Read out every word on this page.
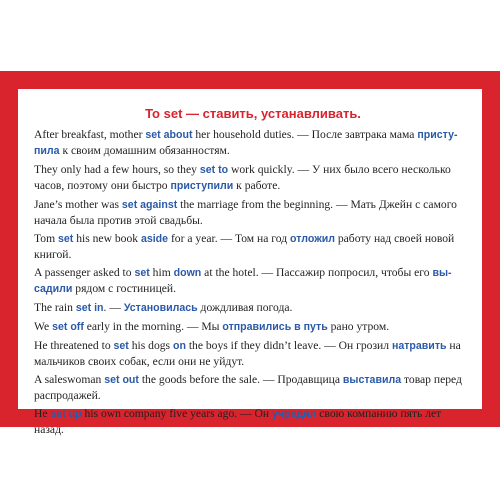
To set — ставить, устанавливать.
After breakfast, mother set about her household duties. — После завтрака мама присту-пила к своим домашним обязанностям.
They only had a few hours, so they set to work quickly. — У них было всего несколько часов, поэтому они быстро приступили к работе.
Jane’s mother was set against the marriage from the beginning. — Мать Джейн с самого начала была против этой свадьбы.
Tom set his new book aside for a year. — Том на год отложил работу над своей новой книгой.
A passenger asked to set him down at the hotel. — Пассажир попросил, чтобы его вы-садили рядом с гостиницей.
The rain set in. — Установилась дождливая погода.
We set off early in the morning. — Мы отправились в путь рано утром.
He threatened to set his dogs on the boys if they didn’t leave. — Он грозил натравить на мальчиков своих собак, если они не уйдут.
A saleswoman set out the goods before the sale. — Продавщица выставила товар перед распродажей.
He set up his own company five years ago. — Он учредил свою компанию пять лет назад.
